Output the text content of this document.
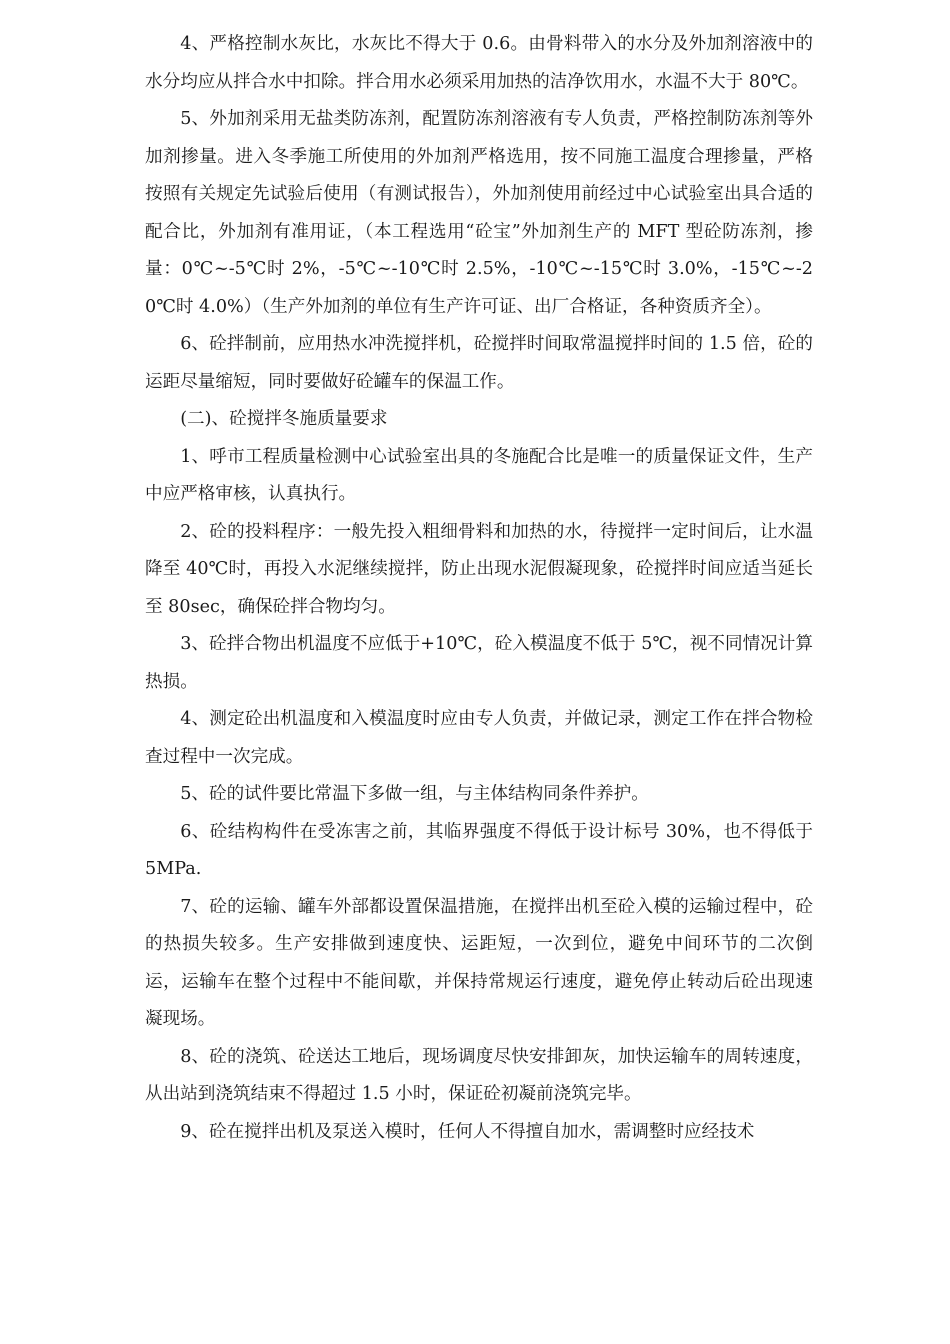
4、严格控制水灰比，水灰比不得大于 0.6。由骨料带入的水分及外加剂溶液中的水分均应从拌合水中扣除。拌合用水必须采用加热的洁净饮用水，水温不大于 80℃。

5、外加剂采用无盐类防冻剂，配置防冻剂溶液有专人负责，严格控制防冻剂等外加剂掺量。进入冬季施工所使用的外加剂严格选用，按不同施工温度合理掺量，严格按照有关规定先试验后使用（有测试报告），外加剂使用前经过中心试验室出具合适的配合比，外加剂有准用证，（本工程选用“砼宝”外加剂生产的 MFT 型砼防冻剂，掺量：0℃~-5℃时 2%，-5℃~-10℃时 2.5%，-10℃~-15℃时 3.0%，-15℃~-20℃时 4.0%）（生产外加剂的单位有生产许可证、出厂合格证，各种资质齐全）。

6、砼拌制前，应用热水冲洗搅拌机，砼搅拌时间取常温搅拌时间的 1.5 倍，砼的运距尽量缩短，同时要做好砼罐车的保温工作。

(二)、砼搅拌冬施质量要求

1、呼市工程质量检测中心试验室出具的冬施配合比是唯一的质量保证文件，生产中应严格审核，认真执行。

2、砼的投料程序：一般先投入粗细骨料和加热的水，待搅拌一定时间后，让水温降至 40℃时，再投入水泥继续搅拌，防止出现水泥假凝现象，砼搅拌时间应适当延长至 80sec，确保砼拌合物均匀。

3、砼拌合物出机温度不应低于+10℃，砼入模温度不低于 5℃，视不同情况计算热损。

4、测定砼出机温度和入模温度时应由专人负责，并做记录，测定工作在拌合物检查过程中一次完成。

5、砼的试件要比常温下多做一组，与主体结构同条件养护。

6、砼结构构件在受冻害之前，其临界强度不得低于设计标号 30%，也不得低于 5MPa.

7、砼的运输、罐车外部都设置保温措施，在搅拌出机至砼入模的运输过程中，砼的热损失较多。生产安排做到速度快、运距短，一次到位，避免中间环节的二次倒运，运输车在整个过程中不能间歇，并保持常规运行速度，避免停止转动后砼出现速凝现场。

8、砼的浇筑、砼送达工地后，现场调度尽快安排卸灰，加快运输车的周转速度，从出站到浇筑结束不得超过 1.5 小时，保证砼初凝前浇筑完毕。

9、砼在搅拌出机及泵送入模时，任何人不得擅自加水，需调整时应经技术
